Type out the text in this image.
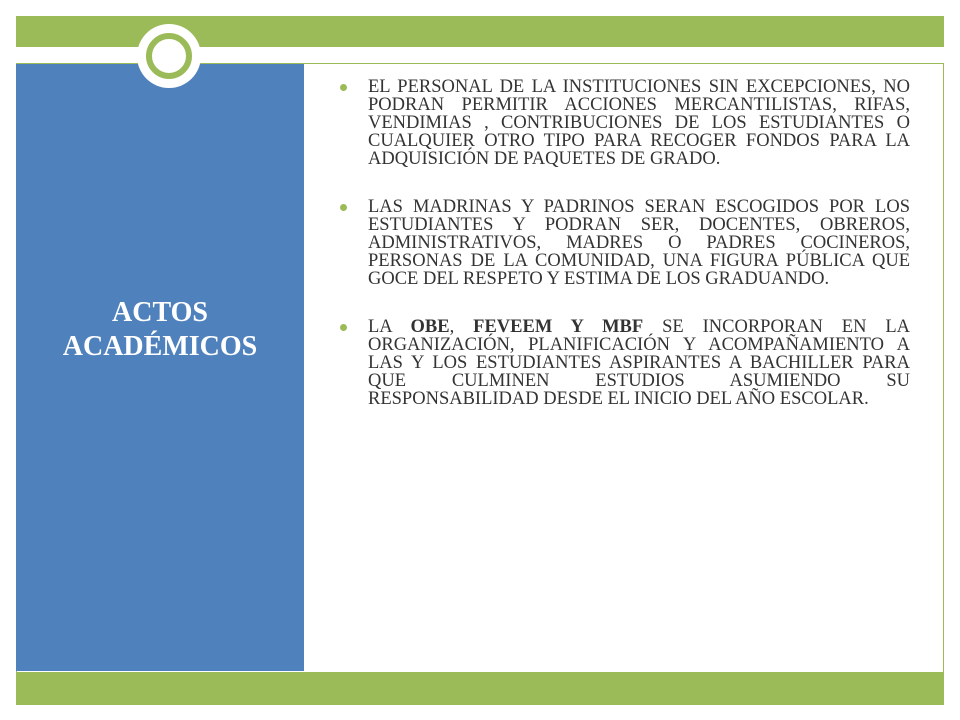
ACTOS
ACADÉMICOS
EL PERSONAL DE LA INSTITUCIONES SIN EXCEPCIONES, NO PODRAN PERMITIR ACCIONES MERCANTILISTAS, RIFAS, VENDIMIAS , CONTRIBUCIONES DE LOS ESTUDIANTES O CUALQUIER OTRO TIPO PARA RECOGER FONDOS PARA LA ADQUISICIÓN DE PAQUETES DE GRADO.
LAS MADRINAS Y PADRINOS SERAN ESCOGIDOS POR LOS ESTUDIANTES Y PODRAN SER, DOCENTES, OBREROS, ADMINISTRATIVOS, MADRES O PADRES COCINEROS, PERSONAS DE LA COMUNIDAD, UNA FIGURA PÚBLICA QUE GOCE DEL RESPETO Y ESTIMA DE LOS GRADUANDO.
LA OBE, FEVEEM Y MBF SE INCORPORAN EN LA ORGANIZACIÓN, PLANIFICACIÓN Y ACOMPAÑAMIENTO A LAS Y LOS ESTUDIANTES ASPIRANTES A BACHILLER PARA QUE CULMINEN ESTUDIOS ASUMIENDO SU RESPONSABILIDAD DESDE EL INICIO DEL AÑO ESCOLAR.
